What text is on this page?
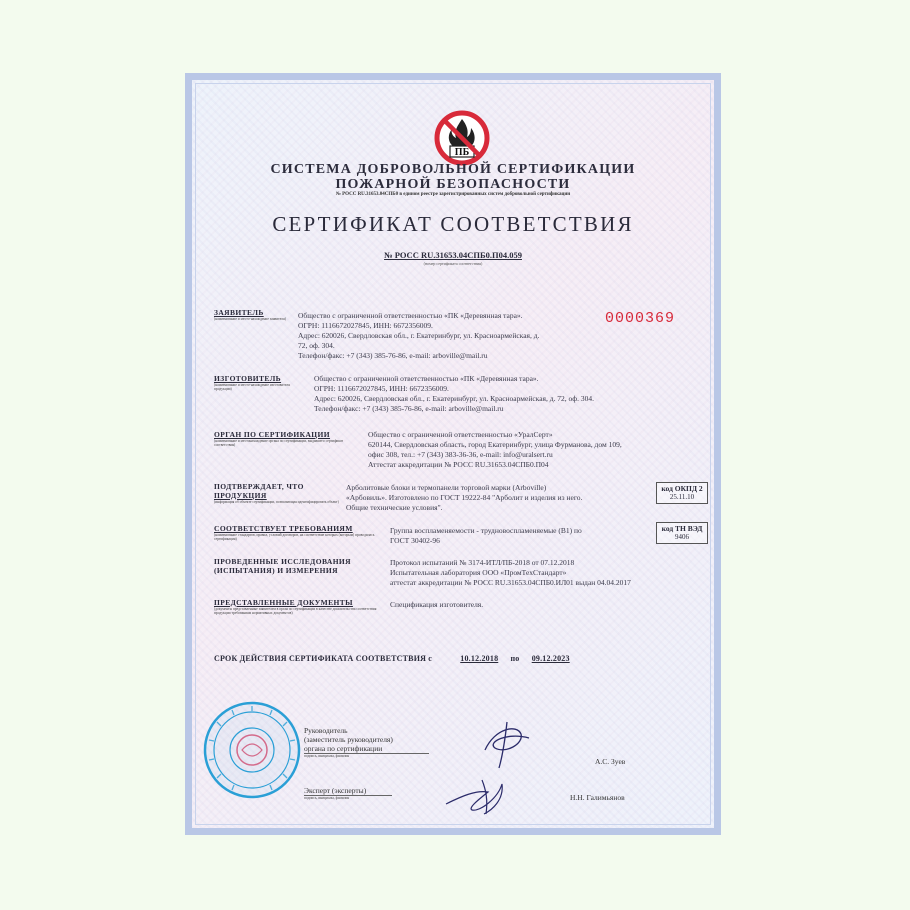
ПБ
СИСТЕМА ДОБРОВОЛЬНОЙ СЕРТИФИКАЦИИ
ПОЖАРНОЙ БЕЗОПАСНОСТИ
№ РОСС RU.31653.04СПБ0 в едином реестре зарегистрированных систем добровольной сертификации
СЕРТИФИКАТ СООТВЕТСТВИЯ
№ РОСС RU.31653.04СПБ0.П04.059
(номер сертификата соответствия)
ЗАЯВИТЕЛЬ
(наименование и место-нахождение заявителя)	0000369
Общество с ограниченной ответственностью «ПК «Деревянная тара».
ОГРН: 1116672027845, ИНН: 6672356009.
Адрес: 620026, Свердловская обл., г. Екатеринбург, ул. Красноармейская, д.
72, оф. 304.
Телефон/факс: +7 (343) 385-76-86, e-mail: arboville@mail.ru
ИЗГОТОВИТЕЛЬ
(наименование и место-нахождение изготовителя продукции)
Общество с ограниченной ответственностью «ПК «Деревянная тара».
ОГРН: 1116672027845, ИНН: 6672356009.
Адрес: 620026, Свердловская обл., г. Екатеринбург, ул. Красноармейская, д. 72, оф. 304.
Телефон/факс: +7 (343) 385-76-86, e-mail: arboville@mail.ru
ОРГАН ПО СЕРТИФИКАЦИИ
(наименование и местонахождение органа по сертификации, выдавшего сертификат соответствия)
Общество с ограниченной ответственностью «УралСерт»
620144, Свердловская область, город Екатеринбург, улица Фурманова, дом 109,
офис 308, тел.: +7 (343) 383-36-36, e-mail: info@uralsert.ru
Аттестат аккредитации № РОСС RU.31653.04СПБ0.П04
ПОДТВЕРЖДАЕТ, ЧТО
ПРОДУКЦИЯ
(информация об объекте сертификации, позволяющая идентифицировать объект)
Арболитовые блоки и термопанели торговой марки (Arboville)
«Арбовиль». Изготовлено по ГОСТ 19222-84 "Арболит и изделия из него.
Общие технические условия".
код ОКПД 2
25.11.10
СООТВЕТСТВУЕТ ТРЕБОВАНИЯМ
(наименование стандартов, правил, условий договоров, на соответствие которых (которым) проводилась сертификация)
Группа воспламеняемости - трудновоспламеняемые (В1) по
ГОСТ 30402-96
код ТН ВЭД
9406
ПРОВЕДЕННЫЕ ИССЛЕДОВАНИЯ
(ИСПЫТАНИЯ) И ИЗМЕРЕНИЯ
Протокол испытаний № 3174-ИТЛ/ПБ-2018 от 07.12.2018
Испытательная лаборатория ООО «ПромТехСтандарт»
аттестат аккредитации № РОСС RU.31653.04СПБ0.ИЛ01 выдан 04.04.2017
ПРЕДСТАВЛЕННЫЕ ДОКУМЕНТЫ
(документы представленные заявителем в орган по сертификации в качестве доказательства соответствия продукции требованиям нормативных документов)
Спецификация изготовителя.
СРОК ДЕЙСТВИЯ СЕРТИФИКАТА СООТВЕТСТВИЯ с	10.12.2018 по 09.12.2023
Руководитель
(заместитель руководителя)
органа по сертификации
подпись, инициалы, фамилия
А.С. Зуев
Эксперт (эксперты)
подпись, инициалы, фамилия	Н.Н. Галимьянов
